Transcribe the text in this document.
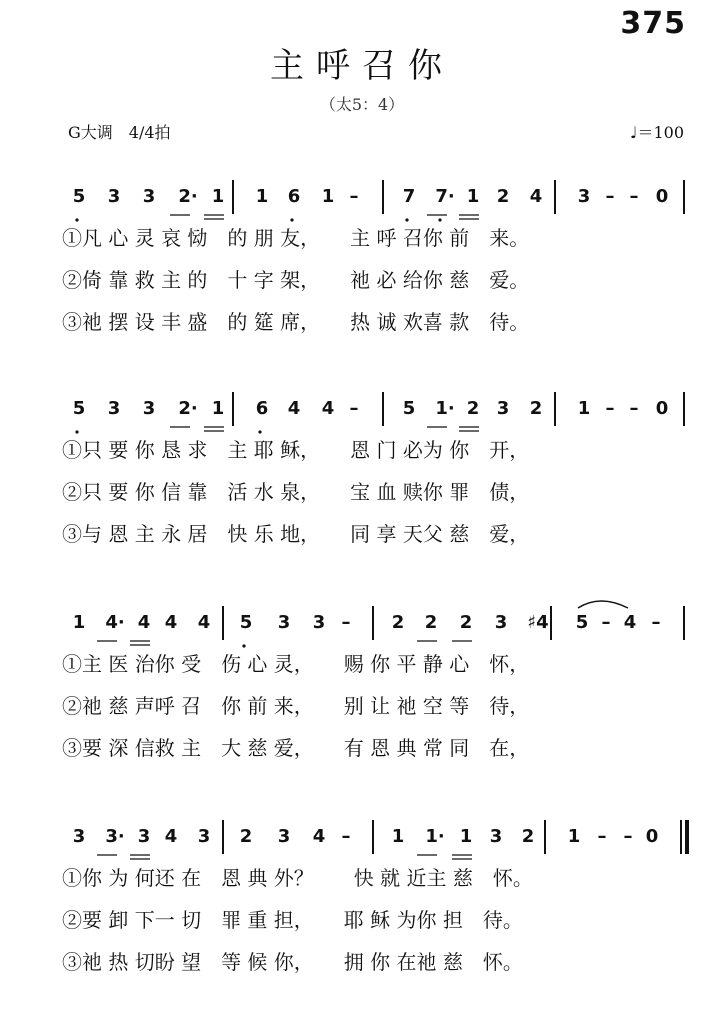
375
主呼召你
（太5：4）
G大调　4/4拍	♩＝100
5 3 3 2· 1 1 6 1 –	7 7· 1 2 4 3 – – 0
①凡 心 灵 哀 恸　的 朋 友，　　主 呼 召你 前　来。
②倚 靠 救 主 的　十 字 架，　　祂 必 给你 慈　爱。
③祂 摆 设 丰 盛　的 筵 席，　　热 诚 欢喜 款　待。
5 3 3 2· 1 6 4 4 –	5 1· 2 3 2 1 – – 0
①只 要 你 恳 求　主 耶 稣，　　恩 门 必为 你　开，
②只 要 你 信 靠　活 水 泉，　　宝 血 赎你 罪　债，
③与 恩 主 永 居　快 乐 地，　　同 享 天父 慈　爱，
1 4· 4 4 4 5 3 3 –	2 2 2 3 ♯4 5 – 4 –
①主 医 治你 受　伤 心 灵，　　赐 你 平 静 心　怀，
②祂 慈 声呼 召　你 前 来，　　别 让 祂 空 等　待，
③要 深 信救 主　大 慈 爱，　　有 恩 典 常 同　在，
3 3· 3 4 3 2 3 4 –	1 1· 1 3 2 1 – – 0
①你 为 何还 在　恩 典 外？　　快 就 近主 慈　怀。
②要 卸 下一 切　罪 重 担，　　耶 稣 为你 担　待。
③祂 热 切盼 望　等 候 你，　　拥 你 在祂 慈　怀。
